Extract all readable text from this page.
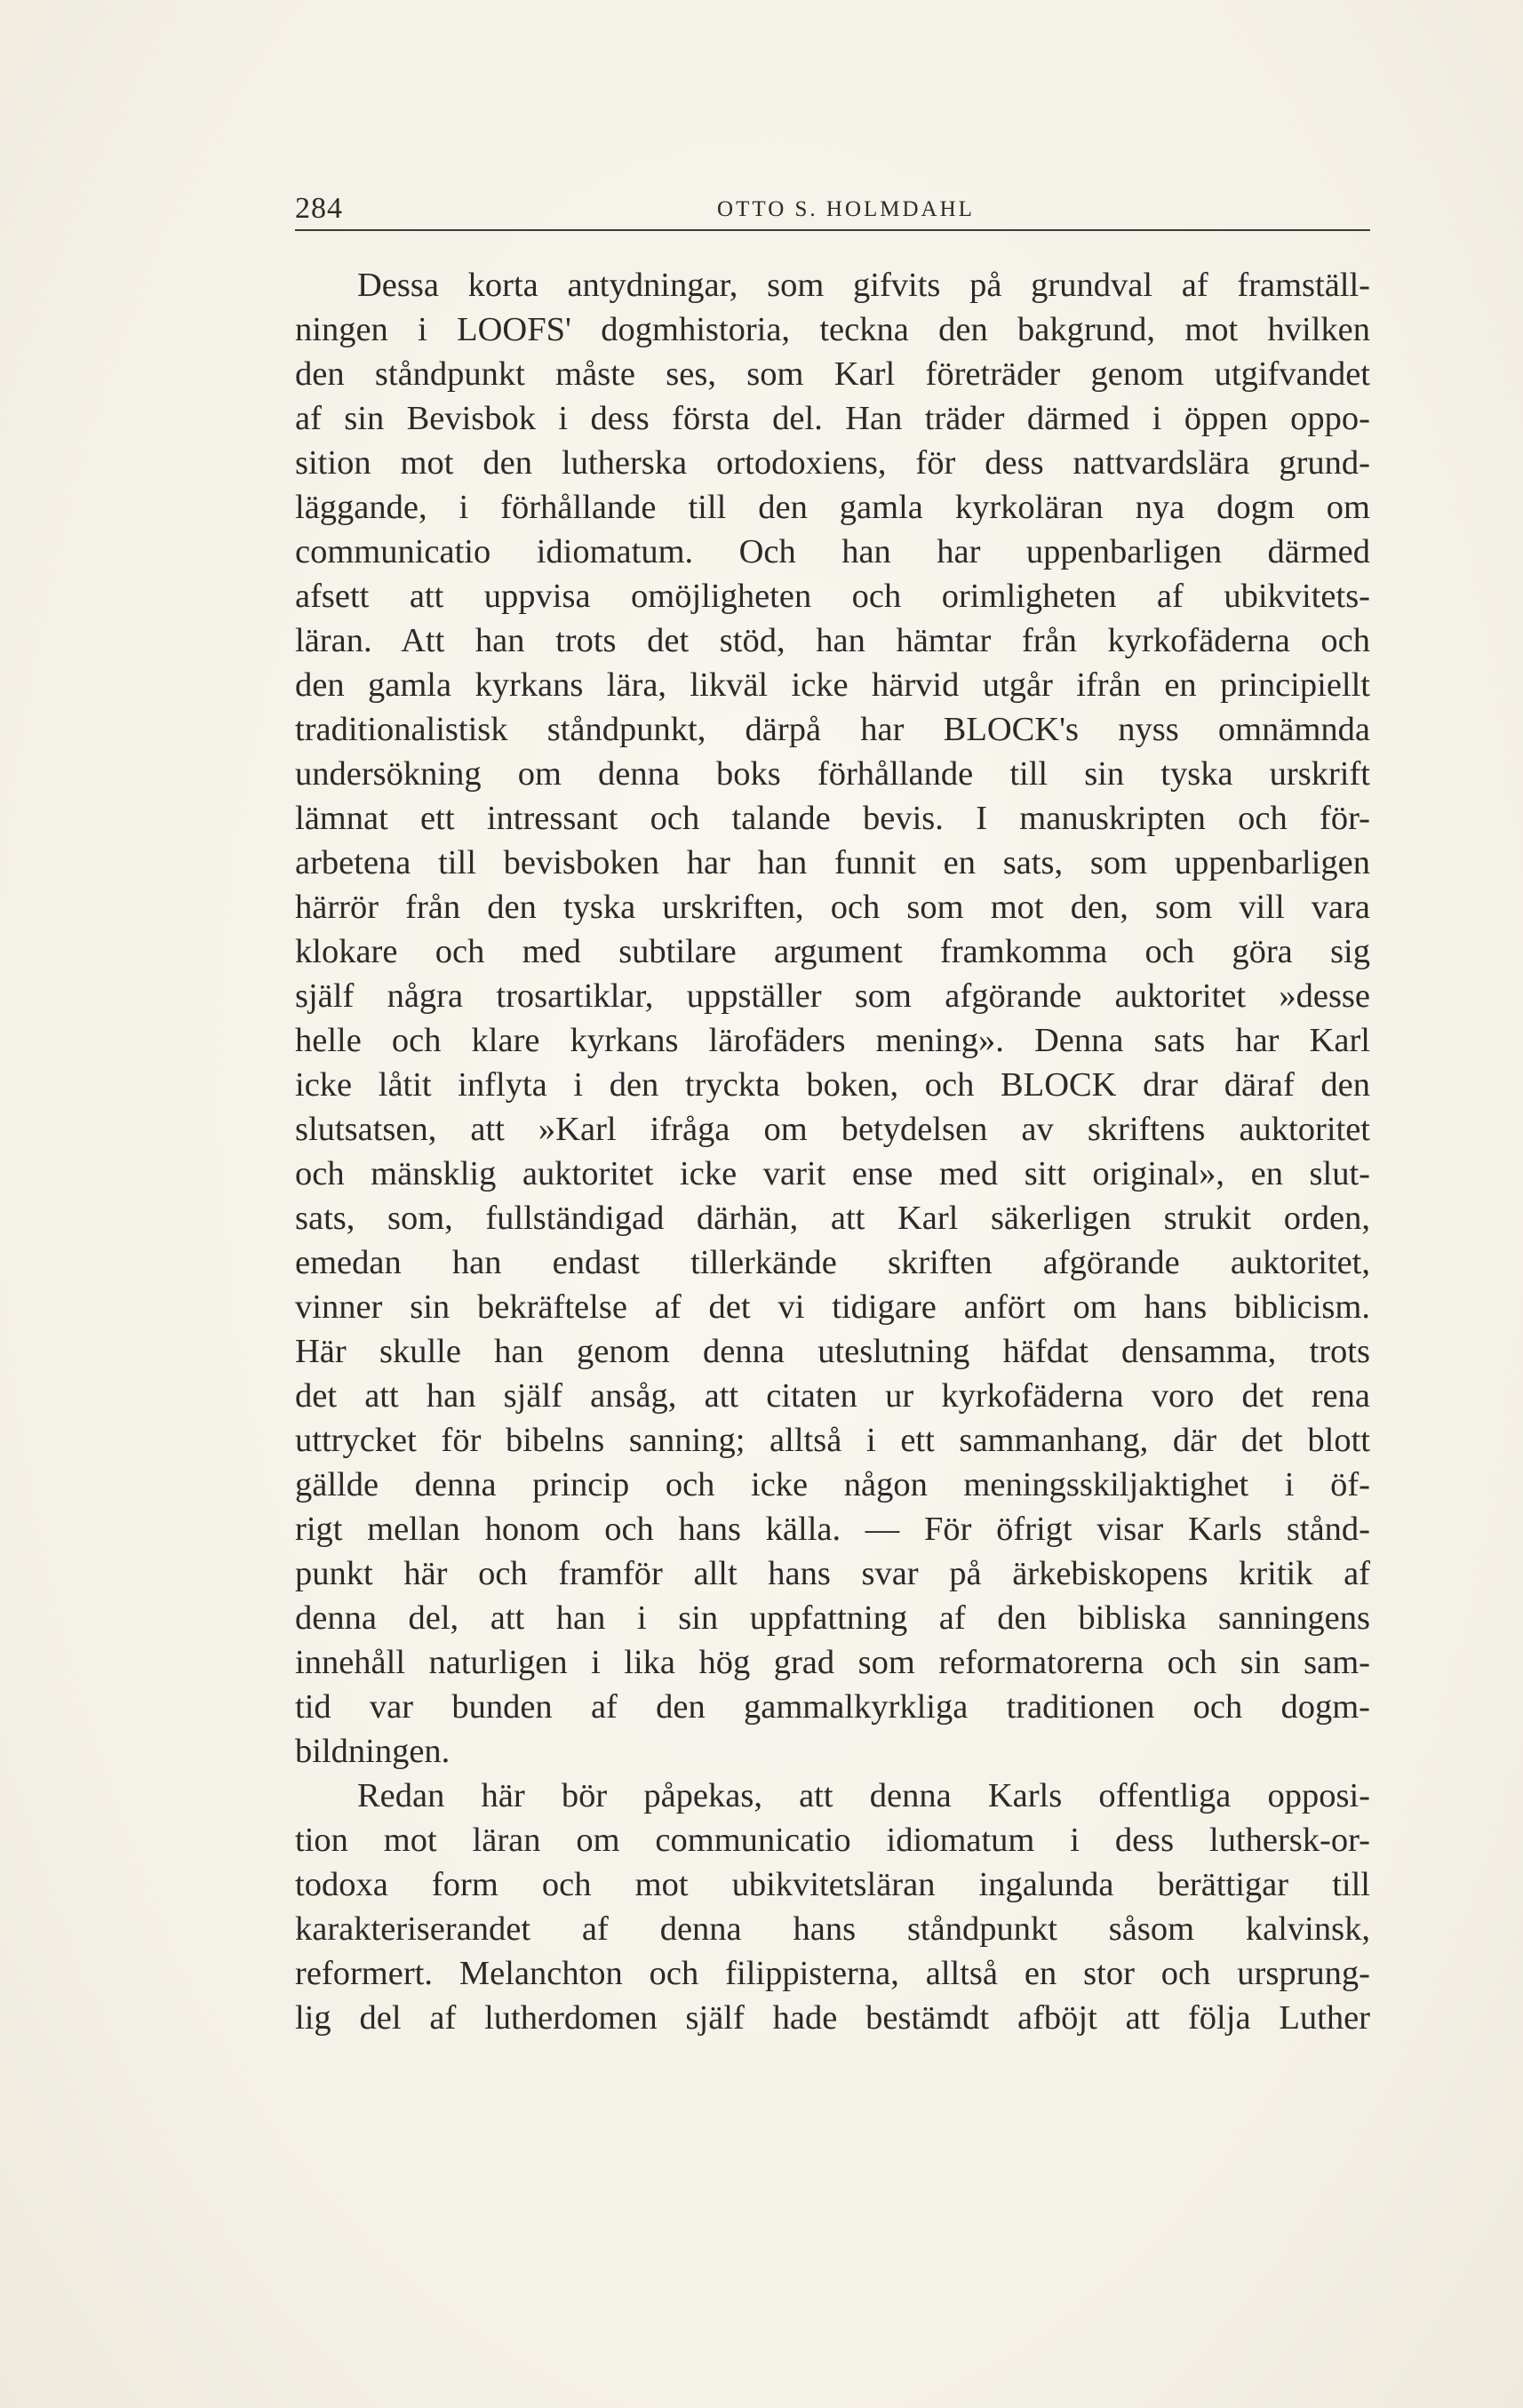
284	OTTO S. HOLMDAHL
Dessa korta antydningar, som gifvits på grundval af framställ-
ningen i LOOFS' dogmhistoria, teckna den bakgrund, mot hvilken
den ståndpunkt måste ses, som Karl företräder genom utgifvandet
af sin Bevisbok i dess första del. Han träder därmed i öppen oppo-
sition mot den lutherska ortodoxiens, för dess nattvardslära grund-
läggande, i förhållande till den gamla kyrkoläran nya dogm om
communicatio idiomatum. Och han har uppenbarligen därmed
afsett att uppvisa omöjligheten och orimligheten af ubikvitets-
läran. Att han trots det stöd, han hämtar från kyrkofäderna och
den gamla kyrkans lära, likväl icke härvid utgår ifrån en principiellt
traditionalistisk ståndpunkt, därpå har BLOCK's nyss omnämnda
undersökning om denna boks förhållande till sin tyska urskrift
lämnat ett intressant och talande bevis. I manuskripten och för-
arbetena till bevisboken har han funnit en sats, som uppenbarligen
härrör från den tyska urskriften, och som mot den, som vill vara
klokare och med subtilare argument framkomma och göra sig
själf några trosartiklar, uppställer som afgörande auktoritet »desse
helle och klare kyrkans lärofäders mening». Denna sats har Karl
icke låtit inflyta i den tryckta boken, och BLOCK drar däraf den
slutsatsen, att »Karl ifråga om betydelsen av skriftens auktoritet
och mänsklig auktoritet icke varit ense med sitt original», en slut-
sats, som, fullständigad därhän, att Karl säkerligen strukit orden,
emedan han endast tillerkände skriften afgörande auktoritet,
vinner sin bekräftelse af det vi tidigare anfört om hans biblicism.
Här skulle han genom denna uteslutning häfdat densamma, trots
det att han själf ansåg, att citaten ur kyrkofäderna voro det rena
uttrycket för bibelns sanning; alltså i ett sammanhang, där det blott
gällde denna princip och icke någon meningsskiljaktighet i öf-
rigt mellan honom och hans källa. — För öfrigt visar Karls stånd-
punkt här och framför allt hans svar på ärkebiskopens kritik af
denna del, att han i sin uppfattning af den bibliska sanningens
innehåll naturligen i lika hög grad som reformatorerna och sin sam-
tid var bunden af den gammalkyrkliga traditionen och dogm-
bildningen.
Redan här bör påpekas, att denna Karls offentliga opposi-
tion mot läran om communicatio idiomatum i dess luthersk-or-
todoxa form och mot ubikvitetsläran ingalunda berättigar till
karakteriserandet af denna hans ståndpunkt såsom kalvinsk,
reformert. Melanchton och filippisterna, alltså en stor och ursprung-
lig del af lutherdomen själf hade bestämdt afböjt att följa Luther
